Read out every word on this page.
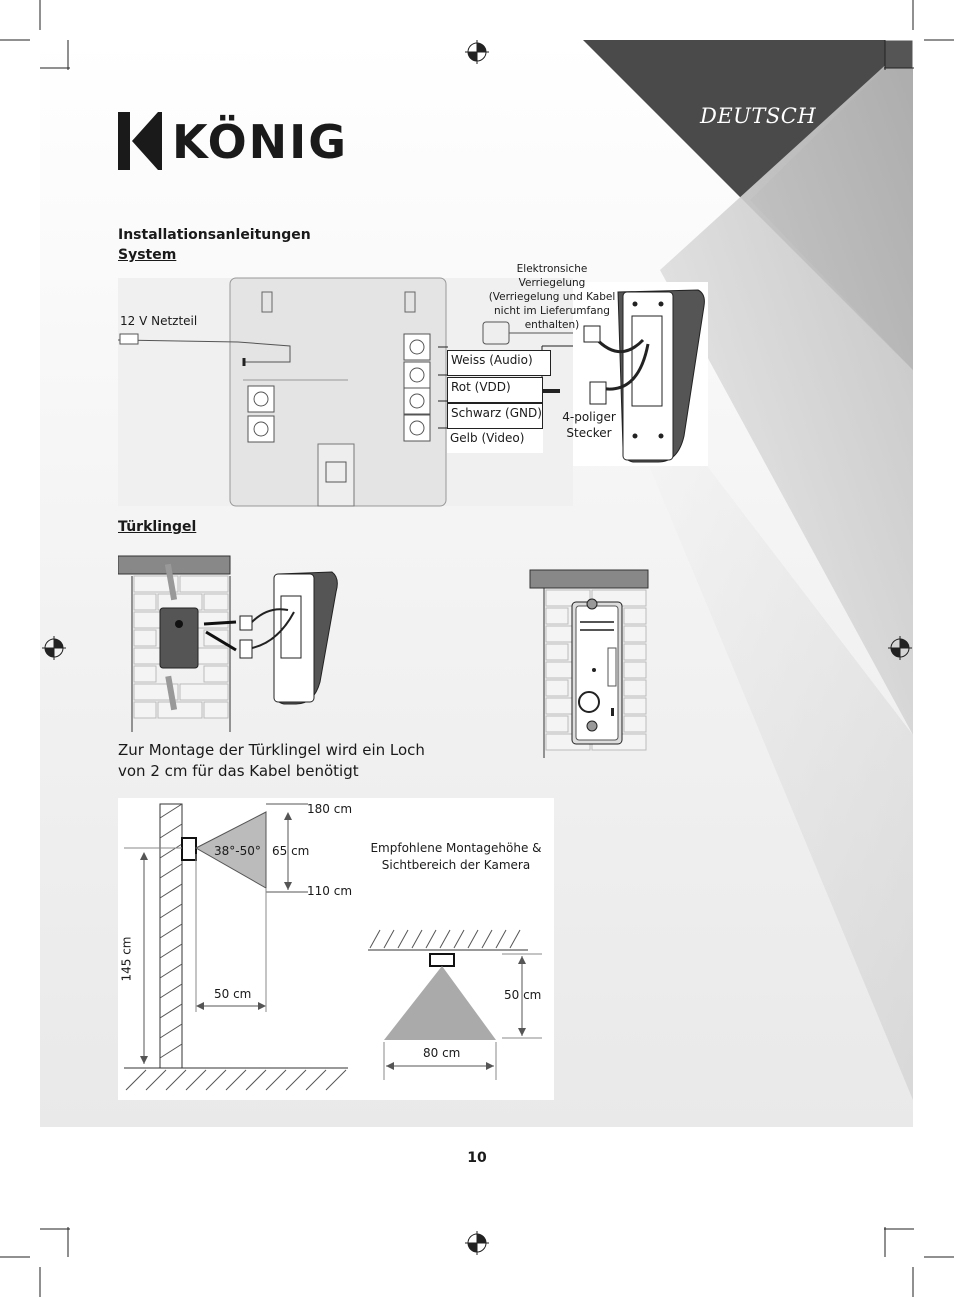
DEUTSCH
KÖNIG
Installationsanleitungen
System
12 V Netzteil
Elektronsiche Verriegelung (Verriegelung und Kabel nicht im Lieferumfang enthalten)
Weiss (Audio)
Rot (VDD)
Schwarz (GND)
Gelb (Video)
4-poliger Stecker
Türklingel
Zur Montage der Türklingel wird ein Loch von 2 cm für das Kabel benötigt
180 cm
38°-50° 65 cm
110 cm
145 cm
50 cm
Empfohlene Montagehöhe & Sichtbereich der Kamera
50 cm
80 cm
10
